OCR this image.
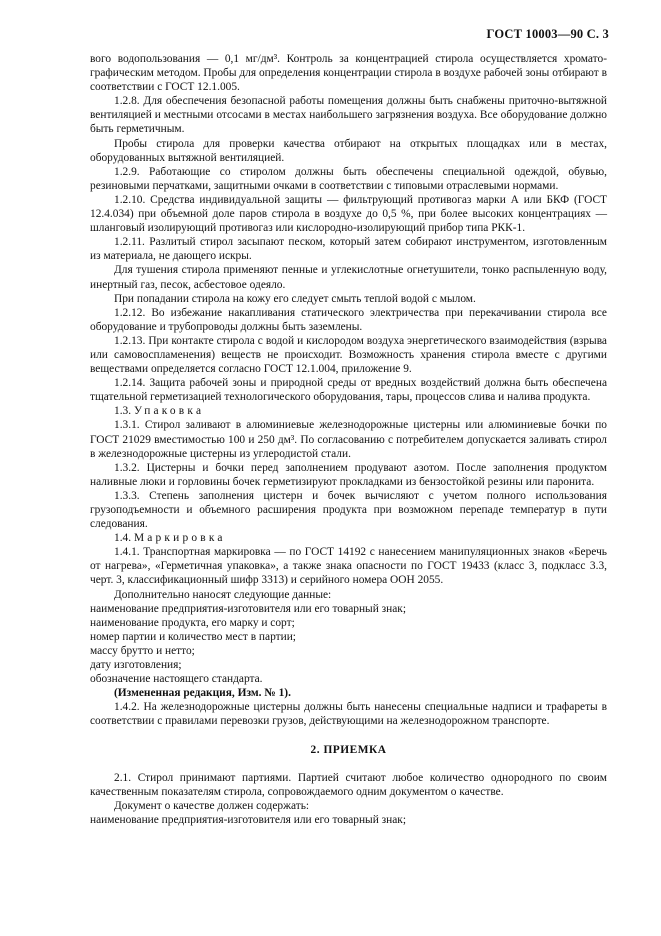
ГОСТ 10003—90 С. 3

вого водопользования — 0,1 мг/дм³. Контроль за концентрацией стирола осуществляется хроматографическим методом. Пробы для определения концентрации стирола в воздухе рабочей зоны отбирают в соответствии с ГОСТ 12.1.005.

1.2.8. Для обеспечения безопасной работы помещения должны быть снабжены приточно-вытяжной вентиляцией и местными отсосами в местах наибольшего загрязнения воздуха. Все оборудование должно быть герметичным.

Пробы стирола для проверки качества отбирают на открытых площадках или в местах, оборудованных вытяжной вентиляцией.

1.2.9. Работающие со стиролом должны быть обеспечены специальной одеждой, обувью, резиновыми перчатками, защитными очками в соответствии с типовыми отраслевыми нормами.

1.2.10. Средства индивидуальной защиты — фильтрующий противогаз марки А или БКФ (ГОСТ 12.4.034) при объемной доле паров стирола в воздухе до 0,5 %, при более высоких концентрациях — шланговый изолирующий противогаз или кислородно-изолирующий прибор типа РКК-1.

1.2.11. Разлитый стирол засыпают песком, который затем собирают инструментом, изготовленным из материала, не дающего искры.

Для тушения стирола применяют пенные и углекислотные огнетушители, тонко распыленную воду, инертный газ, песок, асбестовое одеяло.

При попадании стирола на кожу его следует смыть теплой водой с мылом.

1.2.12. Во избежание накапливания статического электричества при перекачивании стирола все оборудование и трубопроводы должны быть заземлены.

1.2.13. При контакте стирола с водой и кислородом воздуха энергетического взаимодействия (взрыва или самовоспламенения) веществ не происходит. Возможность хранения стирола вместе с другими веществами определяется согласно ГОСТ 12.1.004, приложение 9.

1.2.14. Защита рабочей зоны и природной среды от вредных воздействий должна быть обеспечена тщательной герметизацией технологического оборудования, тары, процессов слива и налива продукта.

1.3. Упаковка

1.3.1. Стирол заливают в алюминиевые железнодорожные цистерны или алюминиевые бочки по ГОСТ 21029 вместимостью 100 и 250 дм³. По согласованию с потребителем допускается заливать стирол в железнодорожные цистерны из углеродистой стали.

1.3.2. Цистерны и бочки перед заполнением продувают азотом. После заполнения продуктом наливные люки и горловины бочек герметизируют прокладками из бензостойкой резины или паронита.

1.3.3. Степень заполнения цистерн и бочек вычисляют с учетом полного использования грузоподъемности и объемного расширения продукта при возможном перепаде температур в пути следования.

1.4. Маркировка

1.4.1. Транспортная маркировка — по ГОСТ 14192 с нанесением манипуляционных знаков «Беречь от нагрева», «Герметичная упаковка», а также знака опасности по ГОСТ 19433 (класс 3, подкласс 3.3, черт. 3, классификационный шифр 3313) и серийного номера ООН 2055.

Дополнительно наносят следующие данные:

наименование предприятия-изготовителя или его товарный знак;

наименование продукта, его марку и сорт;

номер партии и количество мест в партии;

массу брутто и нетто;

дату изготовления;

обозначение настоящего стандарта.

(Измененная редакция, Изм. № 1).

1.4.2. На железнодорожные цистерны должны быть нанесены специальные надписи и трафареты в соответствии с правилами перевозки грузов, действующими на железнодорожном транспорте.

2. ПРИЕМКА

2.1. Стирол принимают партиями. Партией считают любое количество однородного по своим качественным показателям стирола, сопровождаемого одним документом о качестве.

Документ о качестве должен содержать:

наименование предприятия-изготовителя или его товарный знак;
